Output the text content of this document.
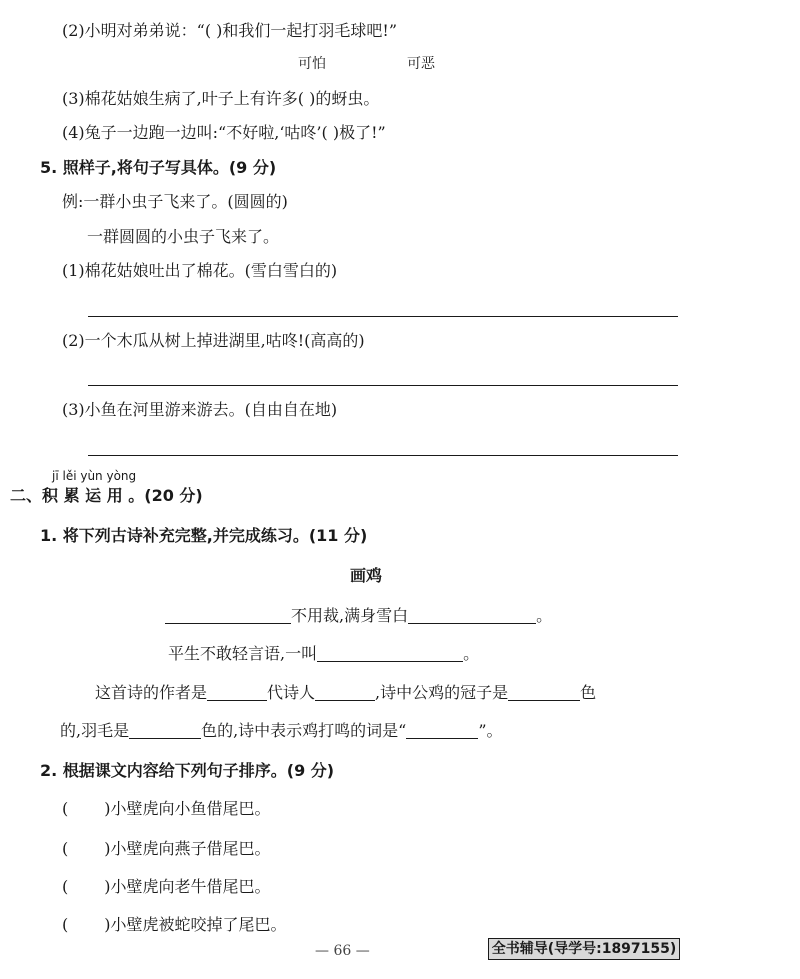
(2)小明对弟弟说：“( )和我们一起打羽毛球吧!”
可怕	可恶
(3)棉花姑娘生病了,叶子上有许多( )的蚜虫。
(4)兔子一边跑一边叫:“不好啦,‘咕咚’( )极了!”
5. 照样子,将句子写具体。(9 分)
例:一群小虫子飞来了。(圆圆的)
一群圆圆的小虫子飞来了。
(1)棉花姑娘吐出了棉花。(雪白雪白的)
(2)一个木瓜从树上掉进湖里,咕咚!(高高的)
(3)小鱼在河里游来游去。(自由自在地)
jī lěi yùn yòng
二、积 累 运 用 。(20 分)
1. 将下列古诗补充完整,并完成练习。(11 分)
画鸡
不用裁,满身雪白	。
平生不敢轻言语,一叫	。
这首诗的作者是	代诗人	,诗中公鸡的冠子是	色
的,羽毛是	色的,诗中表示鸡打鸣的词是“	”。
2. 根据课文内容给下列句子排序。(9 分)
( )小壁虎向小鱼借尾巴。
( )小壁虎向燕子借尾巴。
( )小壁虎向老牛借尾巴。
( )小壁虎被蛇咬掉了尾巴。
— 66 —	全书辅导(导学号:1897155)
